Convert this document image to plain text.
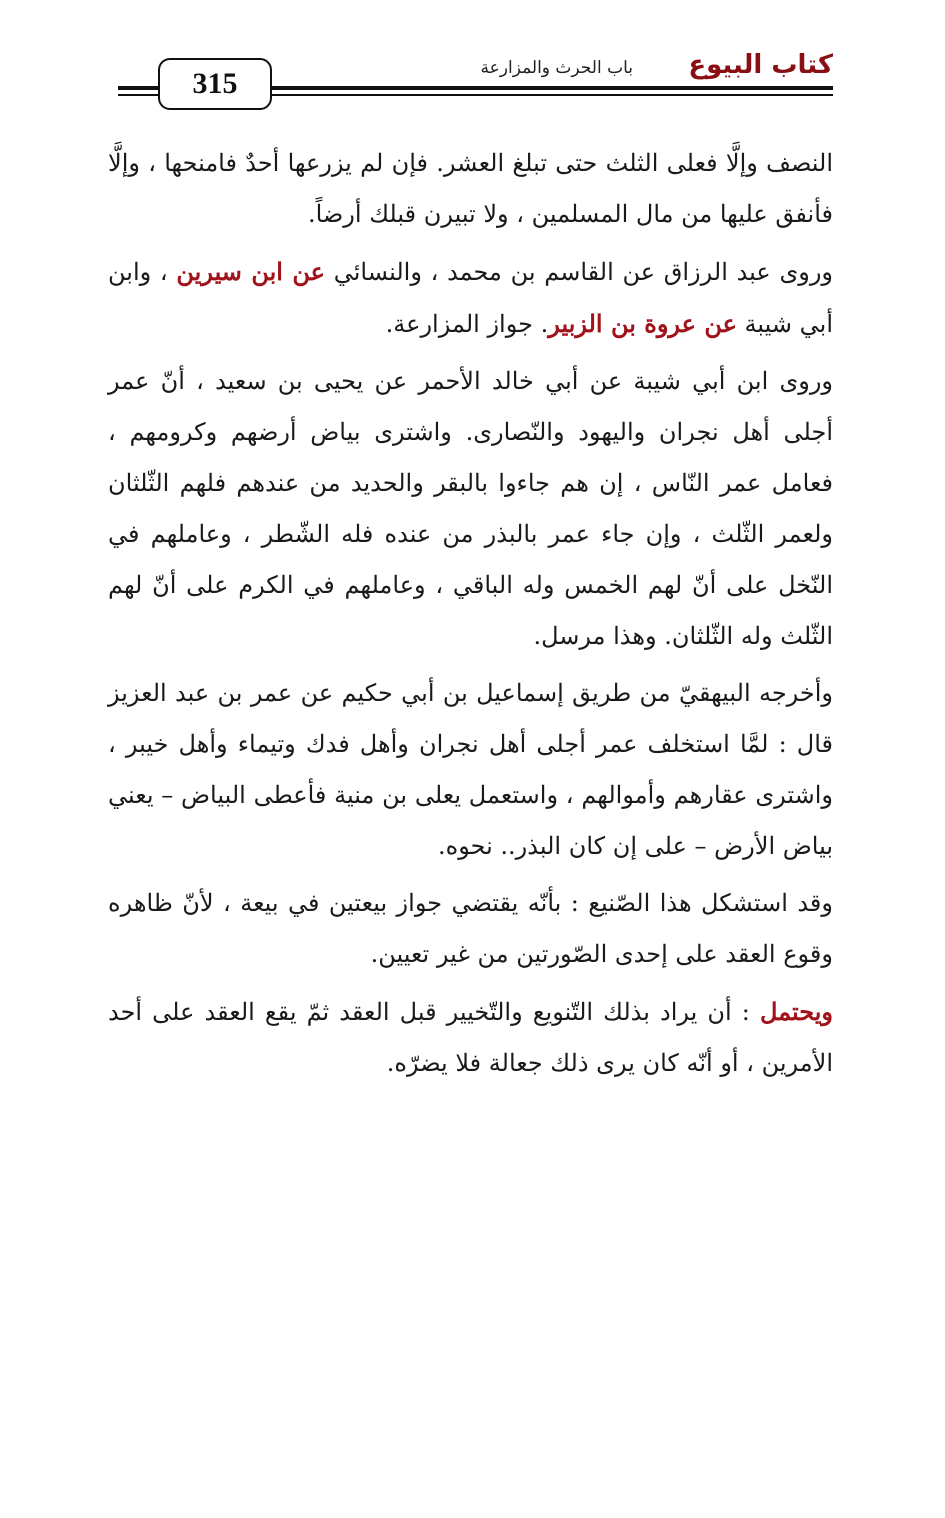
315
كتاب البيوع
باب الحرث والمزارعة

النصف وإلَّا فعلى الثلث حتى تبلغ العشر. فإن لم يزرعها أحدٌ فامنحها ، وإلَّا فأنفق عليها من مال المسلمين ، ولا تبيرن قبلك أرضاً.

وروى عبد الرزاق عن القاسم بن محمد ، والنسائي عن ابن سيرين ، وابن أبي شيبة عن عروة بن الزبير. جواز المزارعة.

وروى ابن أبي شيبة عن أبي خالد الأحمر عن يحيى بن سعيد ، أنّ عمر أجلى أهل نجران واليهود والنّصارى. واشترى بياض أرضهم وكرومهم ، فعامل عمر النّاس ، إن هم جاءوا بالبقر والحديد من عندهم فلهم الثّلثان ولعمر الثّلث ، وإن جاء عمر بالبذر من عنده فله الشّطر ، وعاملهم في النّخل على أنّ لهم الخمس وله الباقي ، وعاملهم في الكرم على أنّ لهم الثّلث وله الثّلثان. وهذا مرسل.

وأخرجه البيهقيّ من طريق إسماعيل بن أبي حكيم عن عمر بن عبد العزيز قال : لمَّا استخلف عمر أجلى أهل نجران وأهل فدك وتيماء وأهل خيبر ، واشترى عقارهم وأموالهم ، واستعمل يعلى بن منية فأعطى البياض – يعني بياض الأرض – على إن كان البذر.. نحوه.

وقد استشكل هذا الصّنيع : بأنّه يقتضي جواز بيعتين في بيعة ، لأنّ ظاهره وقوع العقد على إحدى الصّورتين من غير تعيين.

ويحتمل : أن يراد بذلك التّنويع والتّخيير قبل العقد ثمّ يقع العقد على أحد الأمرين ، أو أنّه كان يرى ذلك جعالة فلا يضرّه.
